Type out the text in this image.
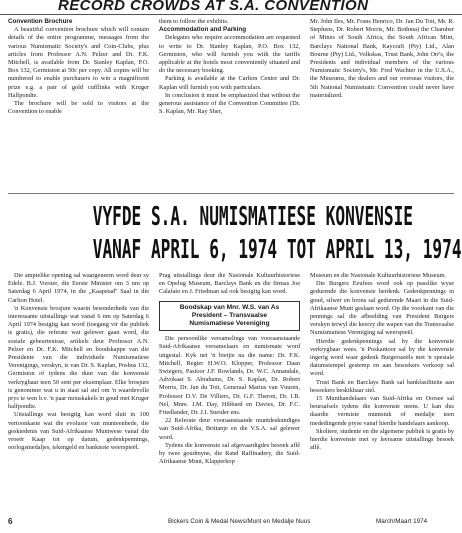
RECORD CROWDS AT S.A. CONVENTION

Convention Brochure

A beautiful convention brochure which will contain details of the entire programme, messages from the various Numismatic Society's and Coin-Clubs, plus articles from Professor A.N. Pelzer and Dr. F.K. Mitchell, is available from Dr. Stanley Kaplan, P.O. Box 132, Germiston at 50c per copy. All copies will be numbered to enable purchasers to win a magnificent prize e.g. a pair of gold cufflinks with Kruger Halfpondte.

The brochure will be sold to visitors at the Convention to enable

them to follow the exhibits.

Accommodation and Parking

Delegates who require accommodation are requested to write to Dr. Stanley Kaplan, P.O. Box 132, Germiston, who will furnish you with the tariffs applicable at the hotels most conveniently situated and do the necessary booking.

Parking is available at the Carlton Centre and Dr. Kaplan will furnish you with particulars.

In conclusion it must be emphasized that without the generous assistance of the Convention Committee (Dr. S. Kaplan, Mr. Ray Sher,

Mr. John Iles, Mr. Frans Henrico, Dr. Jan Du Toit, Mr. R. Stephens, Dr. Robert Morris, Mr. Bothma) the Chamber of Mines of South Africa, the South African Mint, Barclays National Bank, Kaycraft (Pty) Ltd., Alan Bourne (Pty) Ltd., Volkskas, Trust Bank, John Orr's, the Presidents and individual members of the various Numismatic Society's, Mr. Fred Wachter in the U.S.A., the Museums, the dealers and our overseas visitors, the 5th National Numismatic Convention could never have materialized.

VYFDE S.A. NUMISMATIESE KONVENSIE
VANAF APRIL 6, 1974 TOT APRIL 13, 1974

Die amptelike opening sal waargeneem word deur sy Edele. B.J. Vorster, die Eerste Minister om 3 nm op Saterdag 6 April 1974, in die „Kaapstad" Saal in die Carlton Hotel.

'n Konvensie brosjure waarin besonderhede van die interessante uitstallings wat vanaf 6 nm op Saterdag 6 April 1974 besigtig kan word (toegang vir die publiek is gratis), die referate wat gelewer gaan word, die sosiale gebeurtenisse, artikels deur Professor A.N. Pelzer en Dr. F.K. Mitchell en boodskappe van die Presidente van die individuele Numismatiese Verenigings, verskyn, is van Dr. S. Kaplan, Posbus 132, Germiston of tydens die duur van die konvensie verkrygbaar teen 50 sent per eksemplaar. Elke brosjure is genommer wat u in staat sal stel om 'n waardevolle prys te wen b.v. 'n paar mouskakels in goud met Kruger halfpondte.

Uitstallings wat besigtig kan word sluit in 100 vertoonkaste wat die evolusie van munteenhede, die geskiedenis van Suid-Afrikaanse Muntwese vanaf die vroeër Kaap tot op datum, gedenkpennings, oorlogsmedaljes, tekengeld en banknote weerspieël.

Prag uitstallings deur die Nasionale Kultuurhistoriese en Opelug Museum, Barclays Bank en die firmas Joe Calafato en J. Friedman sal ook besigtig kan word.

Boodskap van Mnr. W.S. van As
President – Transvaalse
Numismatiese Vereniging

Die persoonlike versamelings van vooraanstaande Suid-Afrikaanse versamelaars en numismate word uitgestal. Kyk net 'n bietjie na die name: Dr. F.K. Mitchell, Regter H.W.O. Klopper, Professor Daan Swiegers, Pastoor J.F. Rowlands, Dr. W.C. Annandale, Advokaat S. Abrahams, Dr. S. Kaplan, Dr. Robert Morris, Dr. Jan du Toit, Generaal Marius van Vuuren, Professor D.V. De Villiers, Dr. G.F. Theron, Dr. I.B. Nel, Mnre. J.M. Day, Hibbard en Davies, Dr. F.C. Friedlander, Dr. J.I. Sneider ens.

22 Referate deur vooraanstaande muntdeskundiges van Suid-Afrika, Brittanje en die V.S.A. sal gelewer word.

Tydens die konvensie sal afgevaardigdes besoek aflê by twee goudmyne, die Rand Raffinadery, die Suid-Afrikaanse Munt, Klapperkop

Museum en die Nasionale Kultuurhistoriese Museum.

Die Burgers Eeufees word ook op passlike wyse gedurende die konvensie herdenk. Gedenkpennings in goud, silwer en brons sal gedurende Maart in die Suid-Afrikaanse Munt geslaan word. Op die voorkant van die pennings sal die afbeelding van President Burgers verskyn terwyl die keerzy die wapen van die Transvaalse Numismatiese Vereniging sal weerspieël.

Hierdie gedenkpennings sal by die konvensie verkrygbaar wees. 'n Poskantoor sal by die konvensie ingerig word waar gedenk Burgersseëls met 'n spesiale datumstempel gestemp en aan besoekers verkoop sal word.

Trust Bank en Barclays Bank sal bankfasiliteite aan besoekers beskikbaar stel.

15 Munthandelaars van Suid-Afrika en Oorsee sal beursafsels tydens die konvensie neem. U kan dus daardie vermiste muntstuk of medalje teen mededingende pryse vanaf hierdie handelaars aankoop.

Skoliere, studente en die algemene publiek is gratis by hierdie konvensie met sy leersame uitstallings besoek aflê.

6	Bickers Coin & Medal News/Munt en Medalje Nuus	March/Maart 1974
